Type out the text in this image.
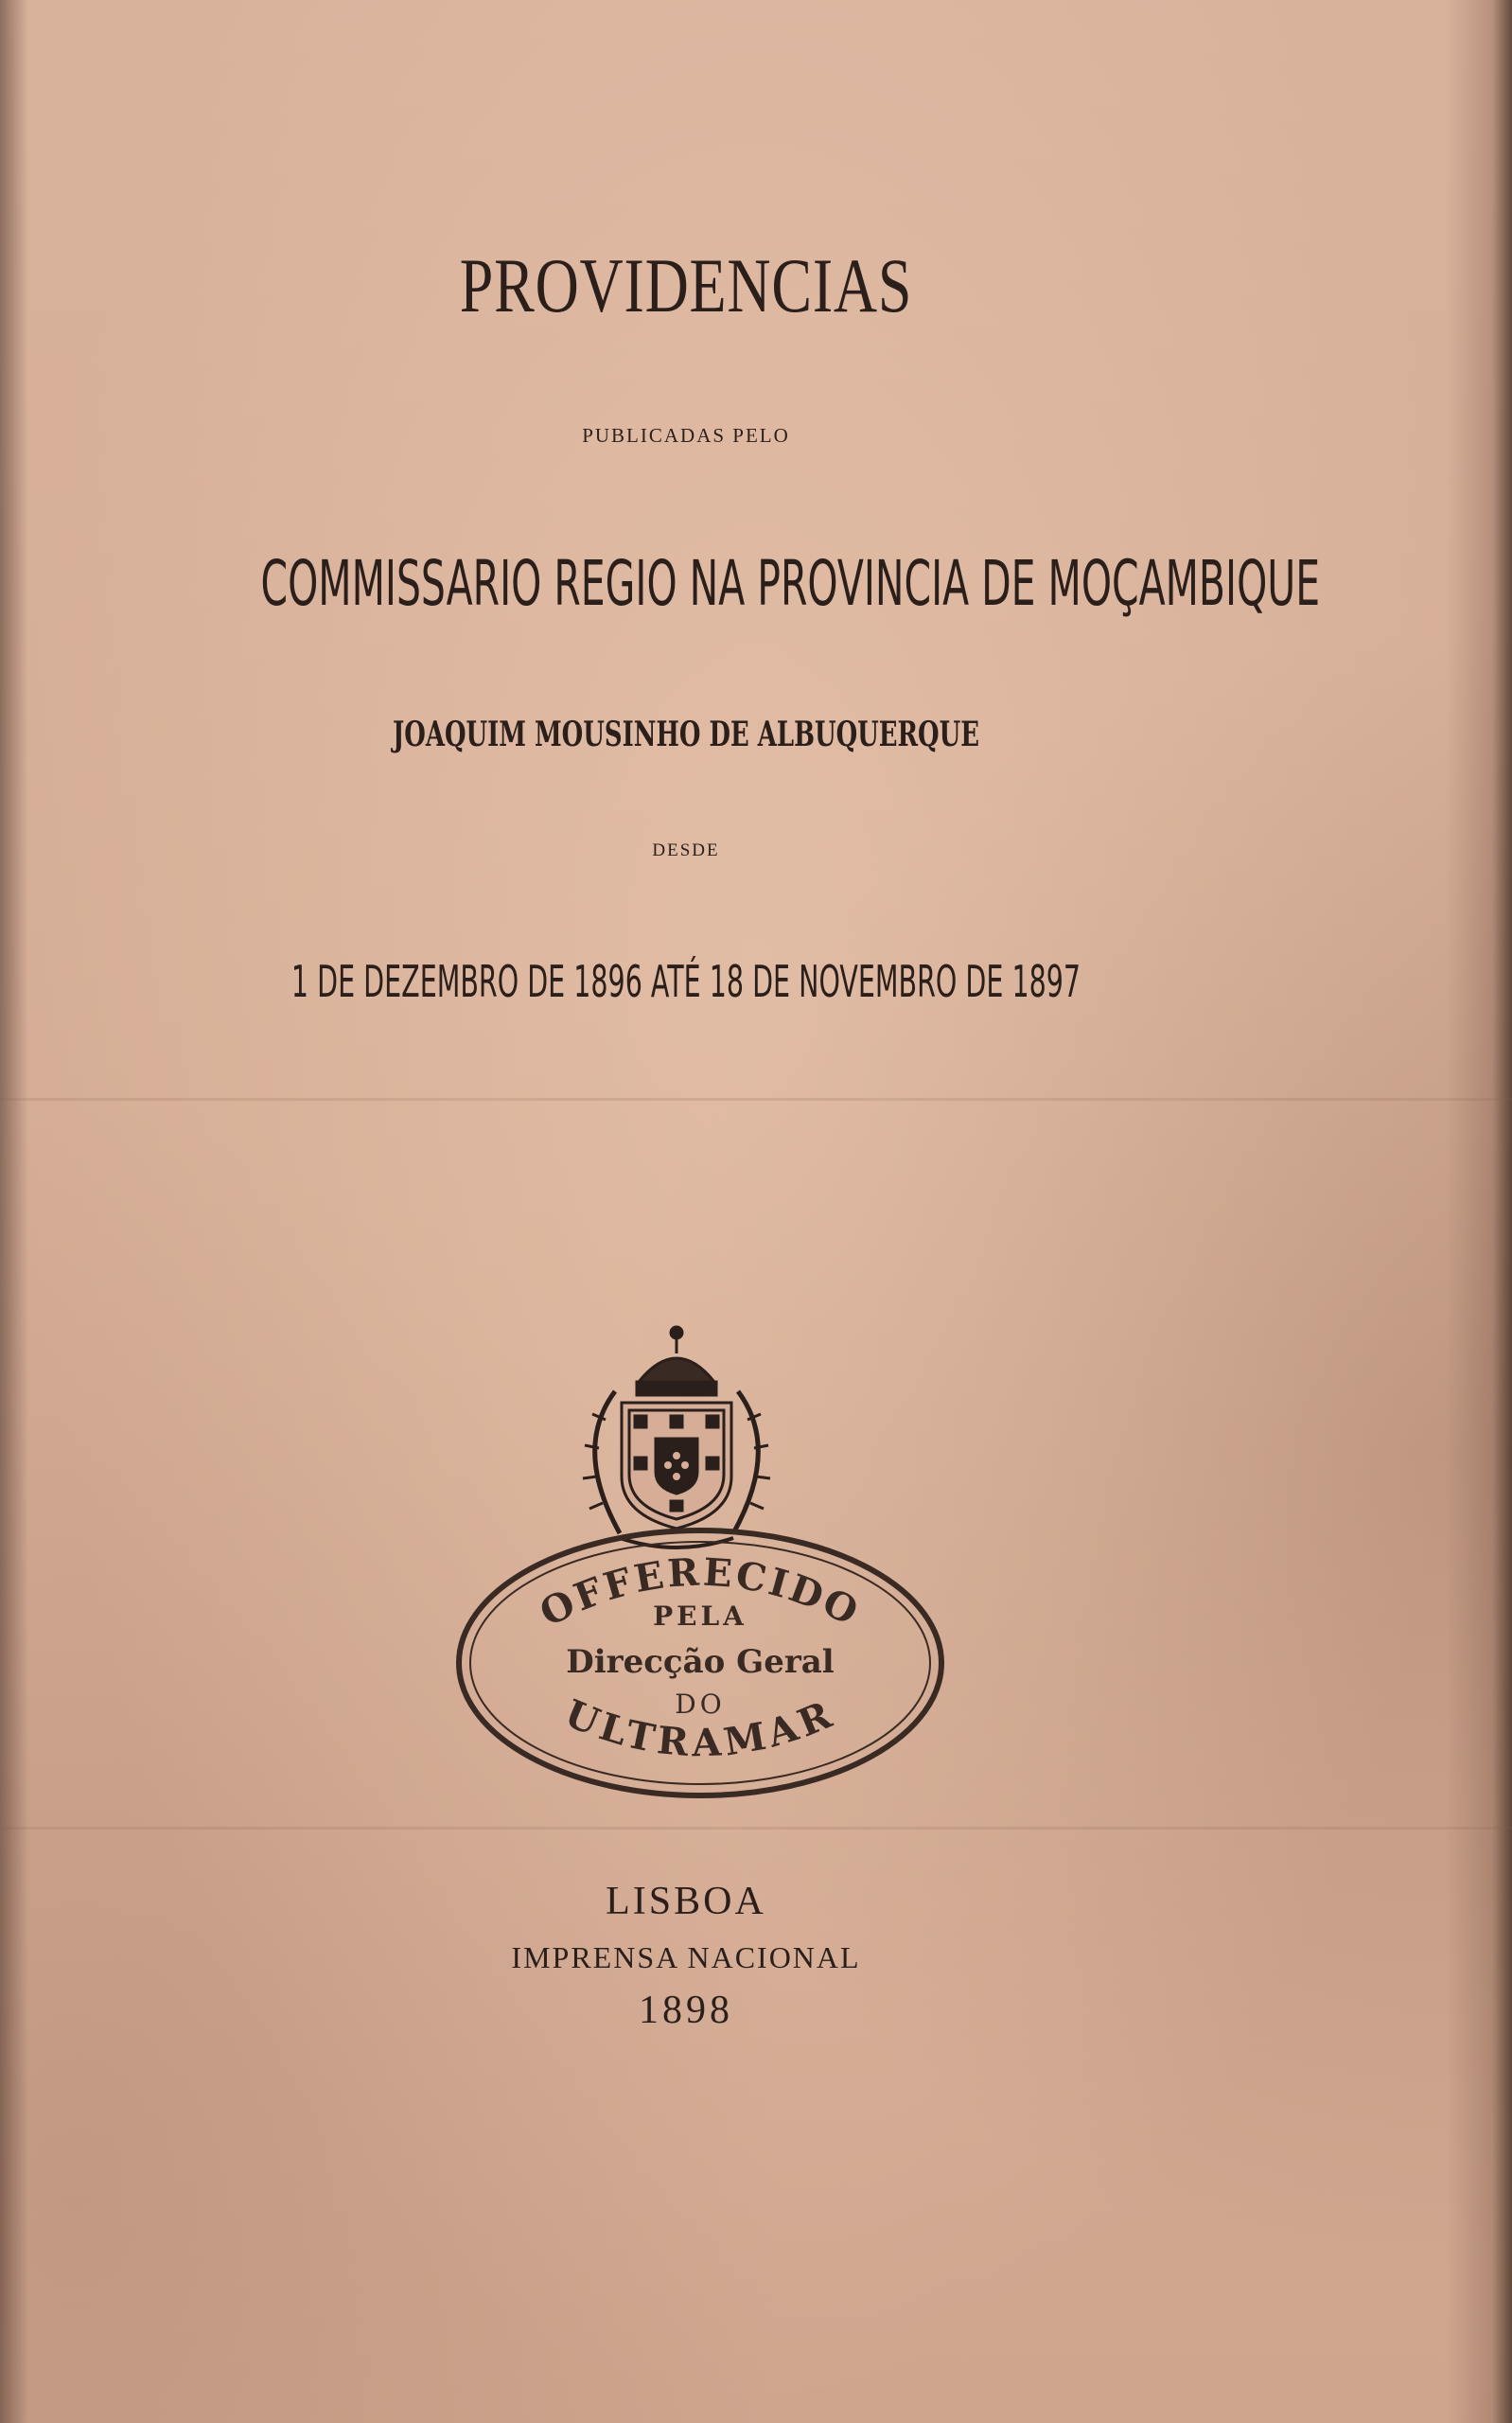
PROVIDENCIAS
PUBLICADAS PELO
COMMISSARIO REGIO NA PROVINCIA DE MOÇAMBIQUE
JOAQUIM MOUSINHO DE ALBUQUERQUE
DESDE
1 DE DEZEMBRO DE 1896 ATÉ 18 DE NOVEMBRO DE 1897
OFFERECIDO
PELA
Direcção Geral
DO
ULTRAMAR
LISBOA
IMPRENSA NACIONAL
1898
